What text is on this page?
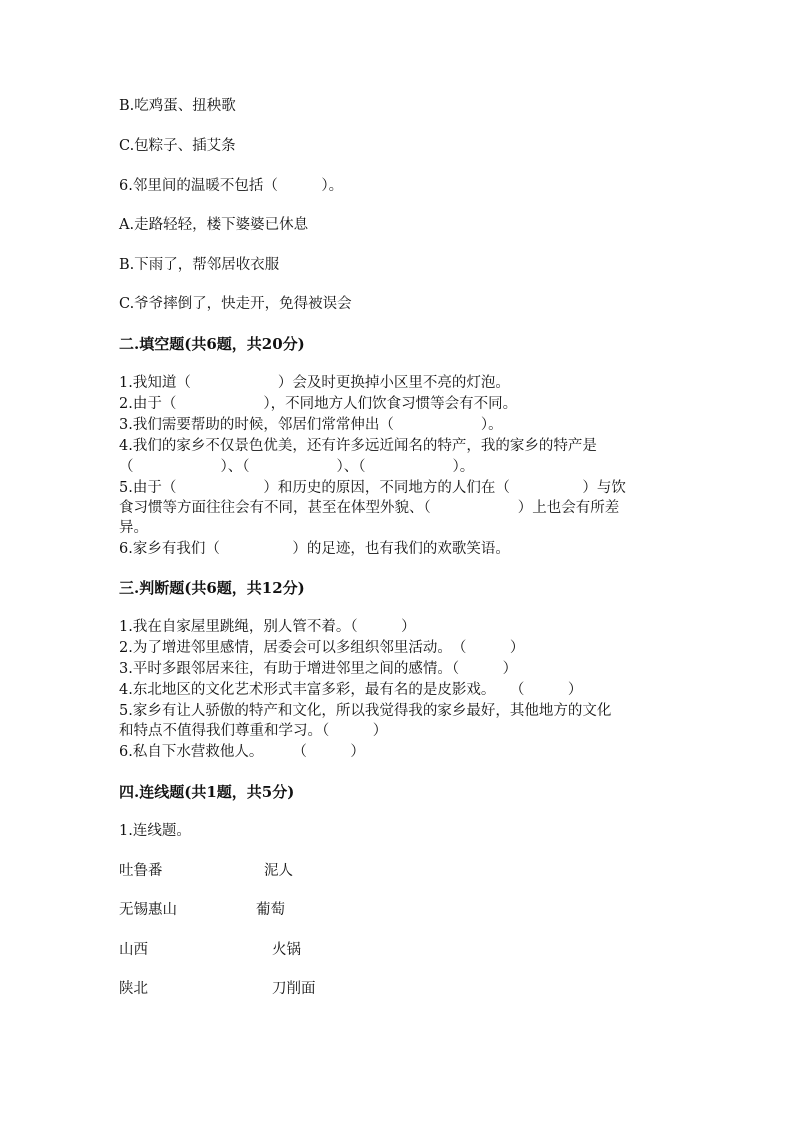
B.吃鸡蛋、扭秧歌
C.包粽子、插艾条
6.邻里间的温暖不包括（　　　）。
A.走路轻轻，楼下婆婆已休息
B.下雨了，帮邻居收衣服
C.爷爷摔倒了，快走开，免得被误会
二.填空题(共6题，共20分)
1.我知道（　　　　　　）会及时更换掉小区里不亮的灯泡。
2.由于（　　　　　　），不同地方人们饮食习惯等会有不同。
3.我们需要帮助的时候，邻居们常常伸出（　　　　　　）。
4.我们的家乡不仅景色优美，还有许多远近闻名的特产，我的家乡的特产是
（　　　　　　）、（　　　　　　）、（　　　　　　）。
5.由于（　　　　　　）和历史的原因，不同地方的人们在（　　　　　）与饮
食习惯等方面往往会有不同，甚至在体型外貌、（　　　　　　）上也会有所差
异。
6.家乡有我们（　　　　　）的足迹，也有我们的欢歌笑语。
三.判断题(共6题，共12分)
1.我在自家屋里跳绳，别人管不着。（　　　）
2.为了增进邻里感情，居委会可以多组织邻里活动。　（　　　）
3.平时多跟邻居来往，有助于增进邻里之间的感情。（　　　）
4.东北地区的文化艺术形式丰富多彩，最有名的是皮影戏。　　（　　　）
5.家乡有让人骄傲的特产和文化，所以我觉得我的家乡最好，其他地方的文化
和特点不值得我们尊重和学习。（　　　）
6.私自下水营救他人。　　　（　　　）
四.连线题(共1题，共5分)
1.连线题。
吐鲁番	泥人
无锡惠山	葡萄
山西	火锅
陕北	刀削面
